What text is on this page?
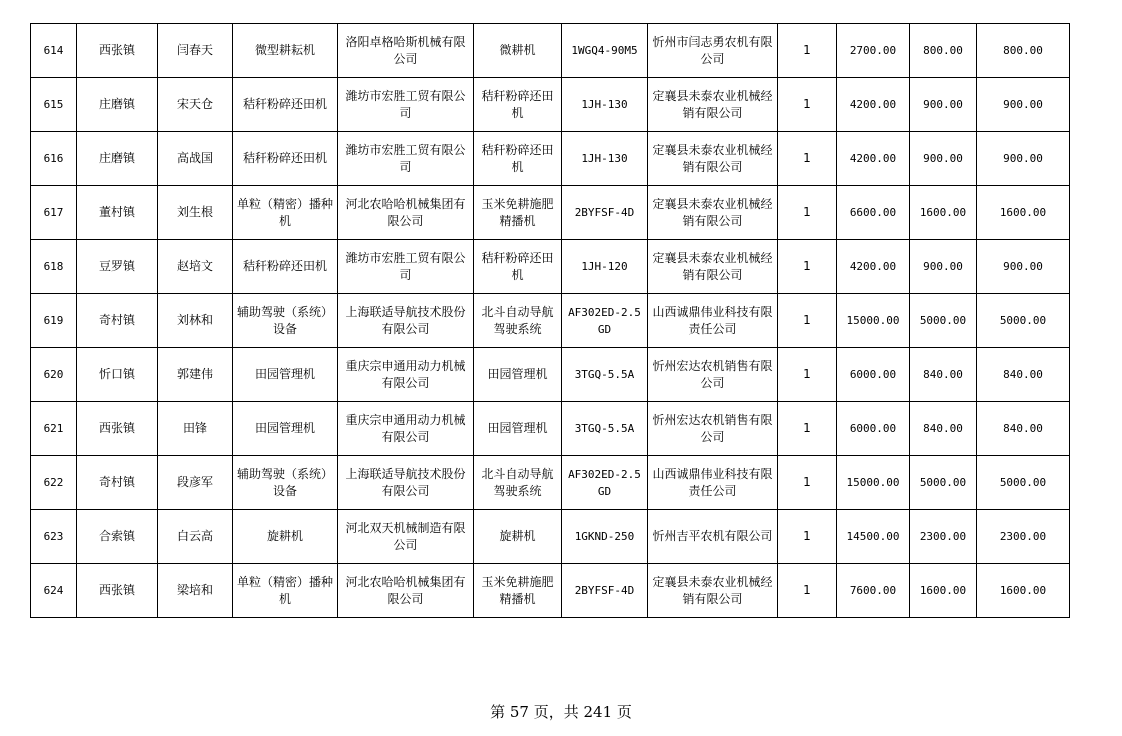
614	西张镇	闫春天	微型耕耘机	洛阳卓格哈斯机械有限公司	微耕机	1WGQ4-90M5	忻州市闫志勇农机有限公司	1	2700.00	800.00	800.00
615	庄磨镇	宋天仓	秸秆粉碎还田机	潍坊市宏胜工贸有限公司	秸秆粉碎还田机	1JH-130	定襄县未泰农业机械经销有限公司	1	4200.00	900.00	900.00
616	庄磨镇	高战国	秸秆粉碎还田机	潍坊市宏胜工贸有限公司	秸秆粉碎还田机	1JH-130	定襄县未泰农业机械经销有限公司	1	4200.00	900.00	900.00
617	董村镇	刘生根	单粒（精密）播种机	河北农哈哈机械集团有限公司	玉米免耕施肥精播机	2BYFSF-4D	定襄县未泰农业机械经销有限公司	1	6600.00	1600.00	1600.00
618	豆罗镇	赵培文	秸秆粉碎还田机	潍坊市宏胜工贸有限公司	秸秆粉碎还田机	1JH-120	定襄县未泰农业机械经销有限公司	1	4200.00	900.00	900.00
619	奇村镇	刘林和	辅助驾驶（系统）设备	上海联适导航技术股份有限公司	北斗自动导航驾驶系统	AF302ED-2.5GD	山西诚鼎伟业科技有限责任公司	1	15000.00	5000.00	5000.00
620	忻口镇	郭建伟	田园管理机	重庆宗申通用动力机械有限公司	田园管理机	3TGQ-5.5A	忻州宏达农机销售有限公司	1	6000.00	840.00	840.00
621	西张镇	田锋	田园管理机	重庆宗申通用动力机械有限公司	田园管理机	3TGQ-5.5A	忻州宏达农机销售有限公司	1	6000.00	840.00	840.00
622	奇村镇	段彦军	辅助驾驶（系统）设备	上海联适导航技术股份有限公司	北斗自动导航驾驶系统	AF302ED-2.5GD	山西诚鼎伟业科技有限责任公司	1	15000.00	5000.00	5000.00
623	合索镇	白云高	旋耕机	河北双天机械制造有限公司	旋耕机	1GKND-250	忻州吉平农机有限公司	1	14500.00	2300.00	2300.00
624	西张镇	梁培和	单粒（精密）播种机	河北农哈哈机械集团有限公司	玉米免耕施肥精播机	2BYFSF-4D	定襄县未泰农业机械经销有限公司	1	7600.00	1600.00	1600.00
第 57 页，共 241 页
